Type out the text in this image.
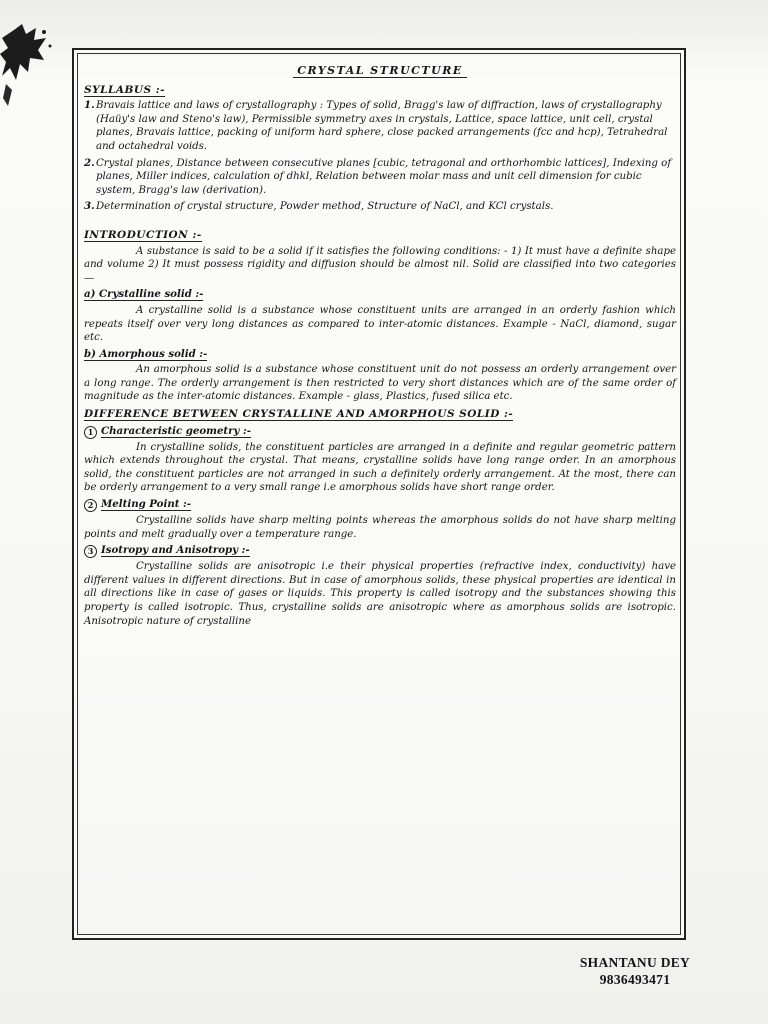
CRYSTAL STRUCTURE
SYLLABUS :-
1. Bravais lattice and laws of crystallography : Types of solid, Bragg's law of diffraction, laws of crystallography (Haüy's law and Steno's law), Permissible symmetry axes in crystals, Lattice, space lattice, unit cell, crystal planes, Bravais lattice, packing of uniform hard sphere, close packed arrangements (fcc and hcp), Tetrahedral and octahedral voids.
2. Crystal planes, Distance between consecutive planes [cubic, tetragonal and orthorhombic lattices], Indexing of planes, Miller indices, calculation of dhkl, Relation between molar mass and unit cell dimension for cubic system, Bragg's law (derivation).
3. Determination of crystal structure, Powder method, Structure of NaCl, and KCl crystals.
INTRODUCTION :-

A substance is said to be a solid if it satisfies the following conditions: - 1) It must have a definite shape and volume 2) It must possess rigidity and diffusion should be almost nil. Solid are classified into two categories —

a) Crystalline solid :-

A crystalline solid is a substance whose constituent units are arranged in an orderly fashion which repeats itself over very long distances as compared to inter-atomic distances. Example - NaCl, diamond, sugar etc.

b) Amorphous solid :-

An amorphous solid is a substance whose constituent unit do not possess an orderly arrangement over a long range. The orderly arrangement is then restricted to very short distances which are of the same order of magnitude as the inter-atomic distances. Example - glass, Plastics, fused silica etc.

DIFFERENCE BETWEEN CRYSTALLINE AND AMORPHOUS SOLID :-
1 Characteristic geometry :-

In crystalline solids, the constituent particles are arranged in a definite and regular geometric pattern which extends throughout the crystal. That means, crystalline solids have long range order. In an amorphous solid, the constituent particles are not arranged in such a definitely orderly arrangement. At the most, there can be orderly arrangement to a very small range i.e amorphous solids have short range order.

2 Melting Point :-

Crystalline solids have sharp melting points whereas the amorphous solids do not have sharp melting points and melt gradually over a temperature range.

3 Isotropy and Anisotropy :-

Crystalline solids are anisotropic i.e their physical properties (refractive index, conductivity) have different values in different directions. But in case of amorphous solids, these physical properties are identical in all directions like in case of gases or liquids. This property is called isotropy and the substances showing this property is called isotropic. Thus, crystalline solids are anisotropic where as amorphous solids are isotropic. Anisotropic nature of crystalline

SHANTANU DEY
9836493471
